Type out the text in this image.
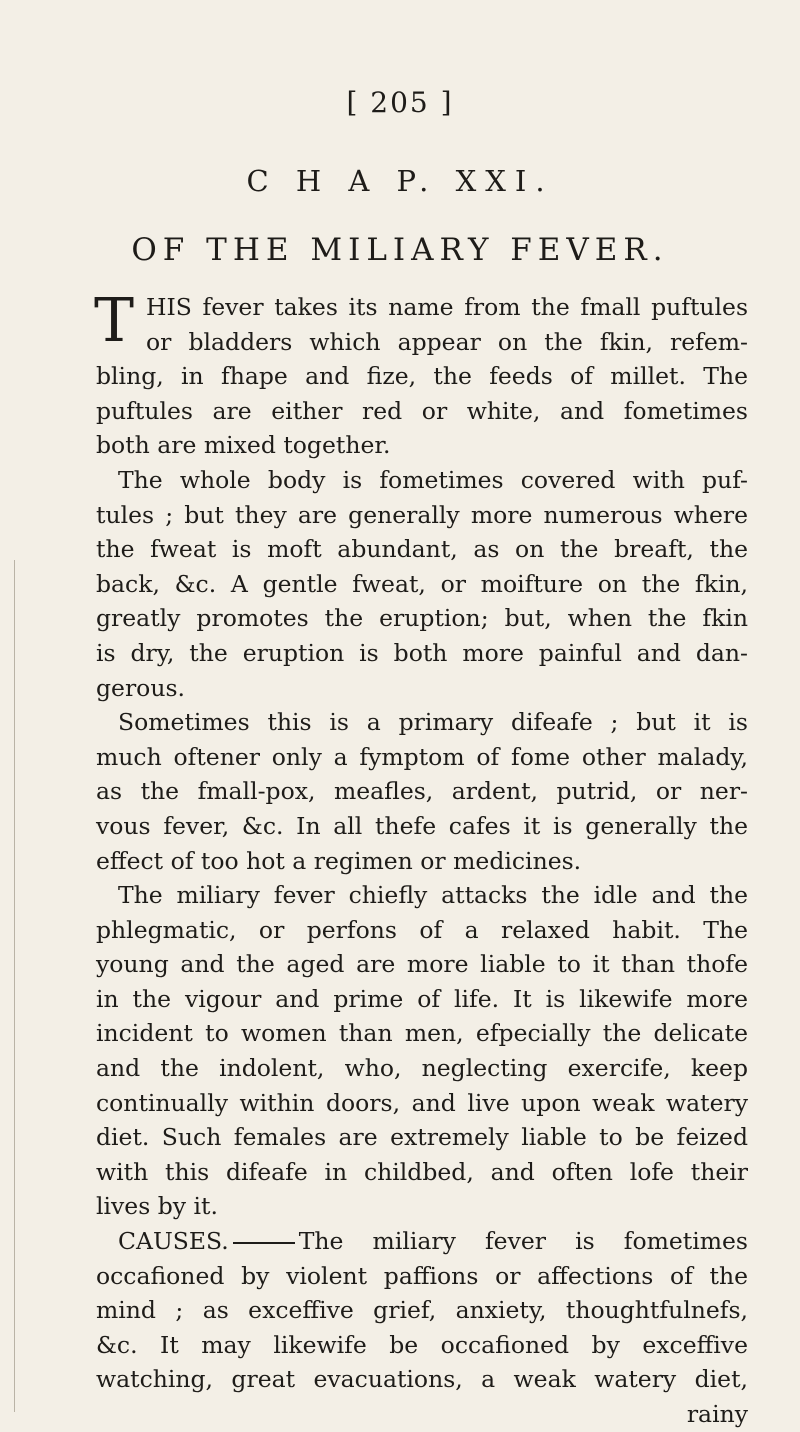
[ 205 ]
C H A P. XXI.
OF THE MILIARY FEVER.
T HIS fever takes its name from the fmall puftules
or bladders which appear on the fkin, refem-
bling, in fhape and fize, the feeds of millet. The
puftules are either red or white, and fometimes
both are mixed together.
The whole body is fometimes covered with puf-
tules ; but they are generally more numerous where
the fweat is moft abundant, as on the breaft, the
back, &c. A gentle fweat, or moifture on the fkin,
greatly promotes the eruption; but, when the fkin
is dry, the eruption is both more painful and dan-
gerous.
Sometimes this is a primary difeafe ; but it is
much oftener only a fymptom of fome other malady,
as the fmall-pox, meafles, ardent, putrid, or ner-
vous fever, &c. In all thefe cafes it is generally the
effect of too hot a regimen or medicines.
The miliary fever chiefly attacks the idle and the
phlegmatic, or perfons of a relaxed habit. The
young and the aged are more liable to it than thofe
in the vigour and prime of life. It is likewife more
incident to women than men, efpecially the delicate
and the indolent, who, neglecting exercife, keep
continually within doors, and live upon weak watery
diet. Such females are extremely liable to be feized
with this difeafe in childbed, and often lofe their
lives by it.
CAUSES.	The miliary fever is fometimes
occafioned by violent paffions or affections of the
mind ; as exceffive grief, anxiety, thoughtfulnefs,
&c. It may likewife be occafioned by exceffive
watching, great evacuations, a weak watery diet,
rainy
